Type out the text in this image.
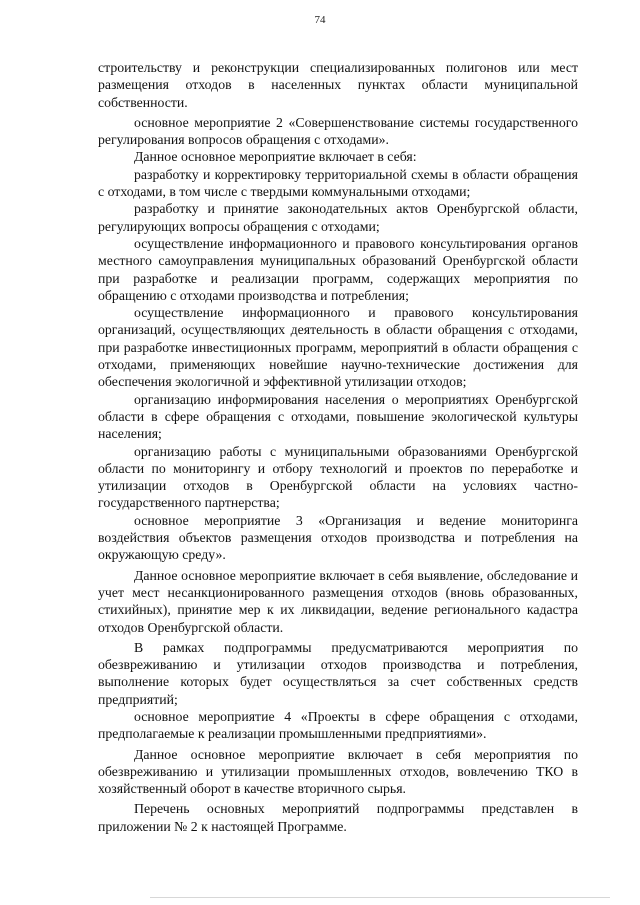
74

строительству и реконструкции специализированных полигонов или мест размещения отходов в населенных пунктах области муниципальной собственности.

основное мероприятие 2 «Совершенствование системы государственного регулирования вопросов обращения с отходами».

Данное основное мероприятие включает в себя:

разработку и корректировку территориальной схемы в области обращения с отходами, в том числе с твердыми коммунальными отходами;

разработку и принятие законодательных актов Оренбургской области, регулирующих вопросы обращения с отходами;

осуществление информационного и правового консультирования органов местного самоуправления муниципальных образований Оренбургской области при разработке и реализации программ, содержащих мероприятия по обращению с отходами производства и потребления;

осуществление информационного и правового консультирования организаций, осуществляющих деятельность в области обращения с отходами, при разработке инвестиционных программ, мероприятий в области обращения с отходами, применяющих новейшие научно-технические достижения для обеспечения экологичной и эффективной утилизации отходов;

организацию информирования населения о мероприятиях Оренбургской области в сфере обращения с отходами, повышение экологической культуры населения;

организацию работы с муниципальными образованиями Оренбургской области по мониторингу и отбору технологий и проектов по переработке и утилизации отходов в Оренбургской области на условиях частно-государственного партнерства;

основное мероприятие 3 «Организация и ведение мониторинга воздействия объектов размещения отходов производства и потребления на окружающую среду».

Данное основное мероприятие включает в себя выявление, обследование и учет мест несанкционированного размещения отходов (вновь образованных, стихийных), принятие мер к их ликвидации, ведение регионального кадастра отходов Оренбургской области.

В рамках подпрограммы предусматриваются мероприятия по обезвреживанию и утилизации отходов производства и потребления, выполнение которых будет осуществляться за счет собственных средств предприятий;

основное мероприятие 4 «Проекты в сфере обращения с отходами, предполагаемые к реализации промышленными предприятиями».

Данное основное мероприятие включает в себя мероприятия по обезвреживанию и утилизации промышленных отходов, вовлечению ТКО в хозяйственный оборот в качестве вторичного сырья.

Перечень основных мероприятий подпрограммы представлен в приложении № 2 к настоящей Программе.
